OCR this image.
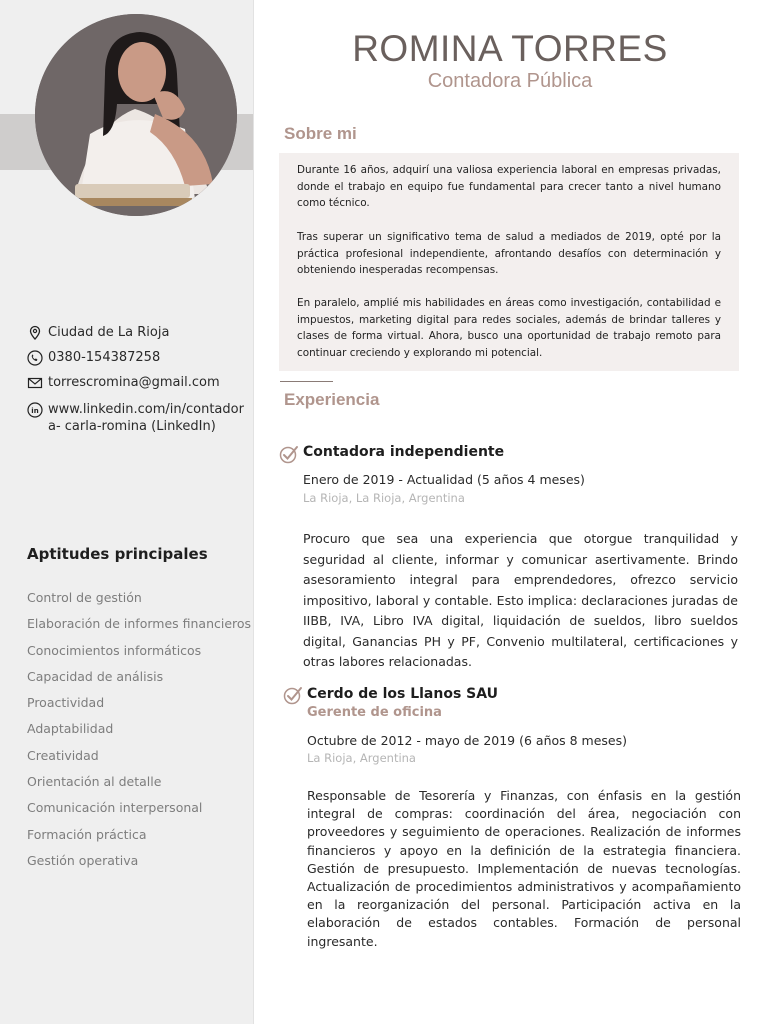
ROMINA TORRES
Contadora Pública
Ciudad de La Rioja
0380-154387258
torrescromina@gmail.com
in www.linkedin.com/in/contador
a- carla-romina (LinkedIn)
Aptitudes principales
Control de gestión
Elaboración de informes financieros
Conocimientos informáticos
Capacidad de análisis
Proactividad
Adaptabilidad
Creatividad
Orientación al detalle
Comunicación interpersonal
Formación práctica
Gestión operativa
Sobre mi

Durante 16 años, adquirí una valiosa experiencia laboral en empresas privadas, donde el trabajo en equipo fue fundamental para crecer tanto a nivel humano como técnico.

Tras superar un significativo tema de salud a mediados de 2019, opté por la práctica profesional independiente, afrontando desafíos con determinación y obteniendo inesperadas recompensas.

En paralelo, amplié mis habilidades en áreas como investigación, contabilidad e impuestos, marketing digital para redes sociales, además de brindar talleres y clases de forma virtual. Ahora, busco una oportunidad de trabajo remoto para continuar creciendo y explorando mi potencial.

Experiencia
Contadora independiente
Enero de 2019 - Actualidad (5 años 4 meses)
La Rioja, La Rioja, Argentina

Procuro que sea una experiencia que otorgue tranquilidad y seguridad al cliente, informar y comunicar asertivamente. Brindo asesoramiento integral para emprendedores, ofrezco servicio impositivo, laboral y contable. Esto implica: declaraciones juradas de IIBB, IVA, Libro IVA digital, liquidación de sueldos, libro sueldos digital, Ganancias PH y PF, Convenio multilateral, certificaciones y otras labores relacionadas.

Cerdo de los Llanos SAU
Gerente de oficina
Octubre de 2012 - mayo de 2019 (6 años 8 meses)
La Rioja, Argentina

Responsable de Tesorería y Finanzas, con énfasis en la gestión integral de compras: coordinación del área, negociación con proveedores y seguimiento de operaciones. Realización de informes financieros y apoyo en la definición de la estrategia financiera. Gestión de presupuesto. Implementación de nuevas tecnologías. Actualización de procedimientos administrativos y acompañamiento en la reorganización del personal. Participación activa en la elaboración de estados contables. Formación de personal ingresante.
